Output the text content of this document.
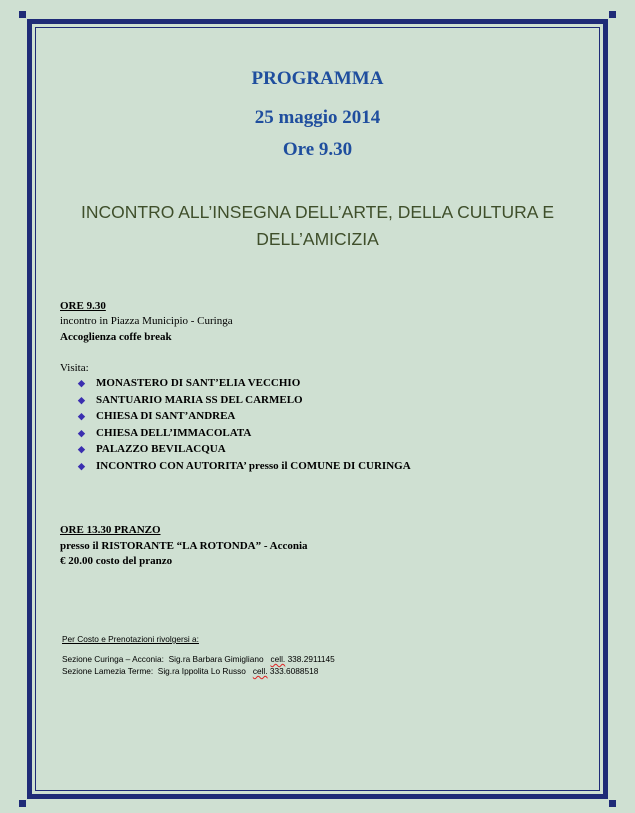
PROGRAMMA
25 maggio 2014
Ore 9.30
INCONTRO ALL’INSEGNA DELL’ARTE, DELLA CULTURA E
DELL’AMICIZIA
ORE 9.30
incontro in Piazza Municipio - Curinga
Accoglienza coffe break
Visita:
◆ MONASTERO DI SANT’ELIA VECCHIO
◆ SANTUARIO MARIA SS DEL CARMELO
◆ CHIESA DI SANT’ANDREA
◆ CHIESA DELL’IMMACOLATA
◆ PALAZZO BEVILACQUA
◆ INCONTRO CON AUTORITA’ presso il COMUNE DI CURINGA
ORE 13.30 PRANZO
presso il RISTORANTE “LA ROTONDA” - Acconia
€ 20.00 costo del pranzo
Per Costo e Prenotazioni rivolgersi a:
Sezione Curinga – Acconia: Sig.ra Barbara Gimigliano cell. 338.2911145
Sezione Lamezia Terme: Sig.ra Ippolita Lo Russo cell. 333.6088518
